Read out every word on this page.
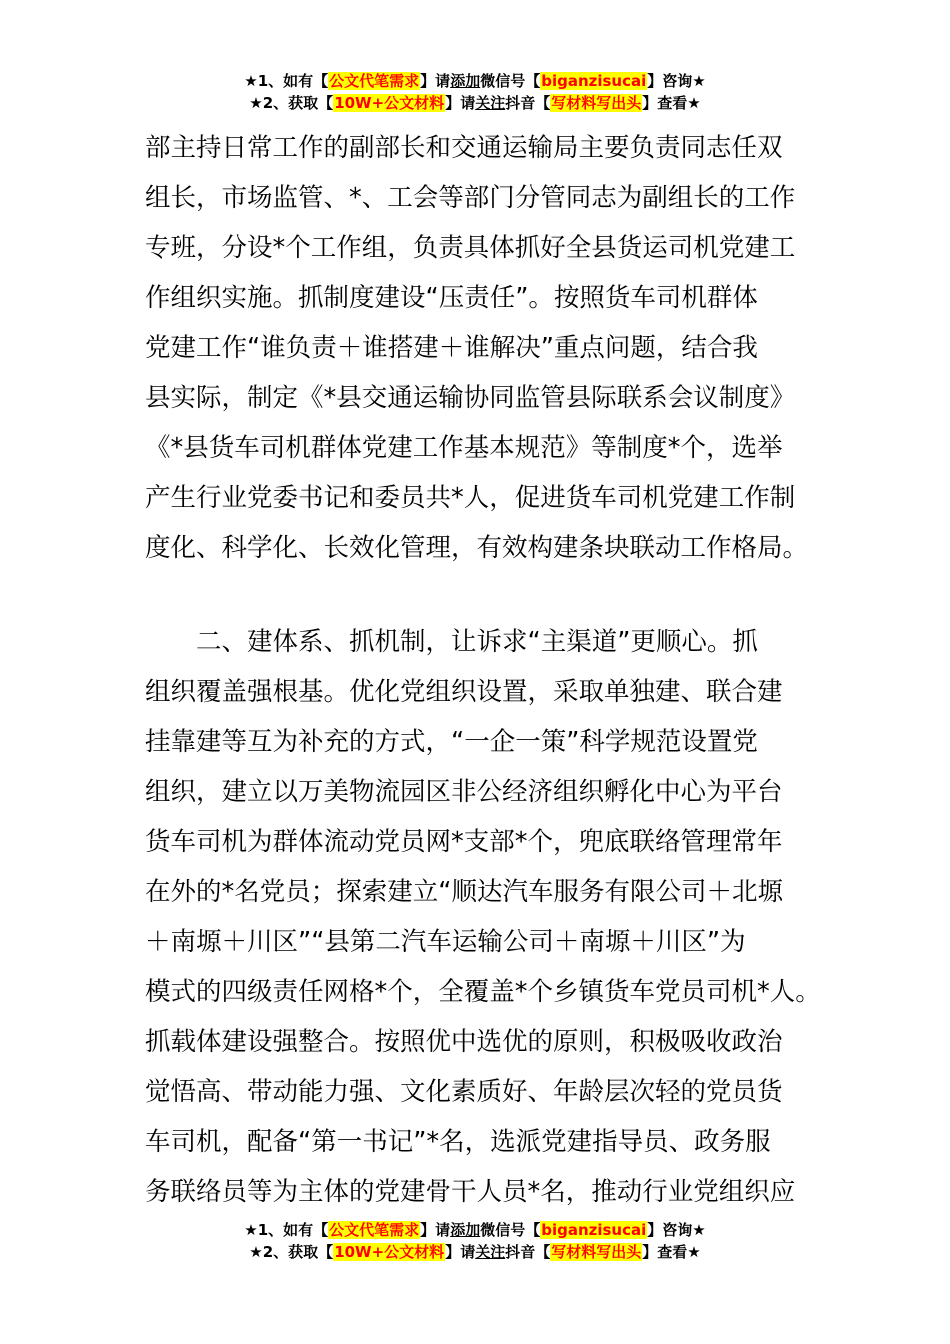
★1、如有【公文代笔需求】请添加微信号【biganzisucai】咨询★
★2、获取【10W+公文材料】请关注抖音【写材料写出头】查看★
部主持日常工作的副部长和交通运输局主要负责同志任双
组长，市场监管、*、工会等部门分管同志为副组长的工作
专班，分设*个工作组，负责具体抓好全县货运司机党建工
作组织实施。抓制度建设“压责任”。按照货车司机群体
党建工作“谁负责＋谁搭建＋谁解决”重点问题，结合我
县实际，制定《*县交通运输协同监管县际联系会议制度》
《*县货车司机群体党建工作基本规范》等制度*个，选举
产生行业党委书记和委员共*人，促进货车司机党建工作制
度化、科学化、长效化管理，有效构建条块联动工作格局。
　　二、建体系、抓机制，让诉求“主渠道”更顺心。抓
组织覆盖强根基。优化党组织设置，采取单独建、联合建
挂靠建等互为补充的方式，“一企一策”科学规范设置党
组织，建立以万美物流园区非公经济组织孵化中心为平台
货车司机为群体流动党员网*支部*个，兜底联络管理常年
在外的*名党员；探索建立“顺达汽车服务有限公司＋北塬
＋南塬＋川区”“县第二汽车运输公司＋南塬＋川区”为
模式的四级责任网格*个，全覆盖*个乡镇货车党员司机*人。
抓载体建设强整合。按照优中选优的原则，积极吸收政治
觉悟高、带动能力强、文化素质好、年龄层次轻的党员货
车司机，配备“第一书记”*名，选派党建指导员、政务服
务联络员等为主体的党建骨干人员*名，推动行业党组织应
★1、如有【公文代笔需求】请添加微信号【biganzisucai】咨询★
★2、获取【10W+公文材料】请关注抖音【写材料写出头】查看★
